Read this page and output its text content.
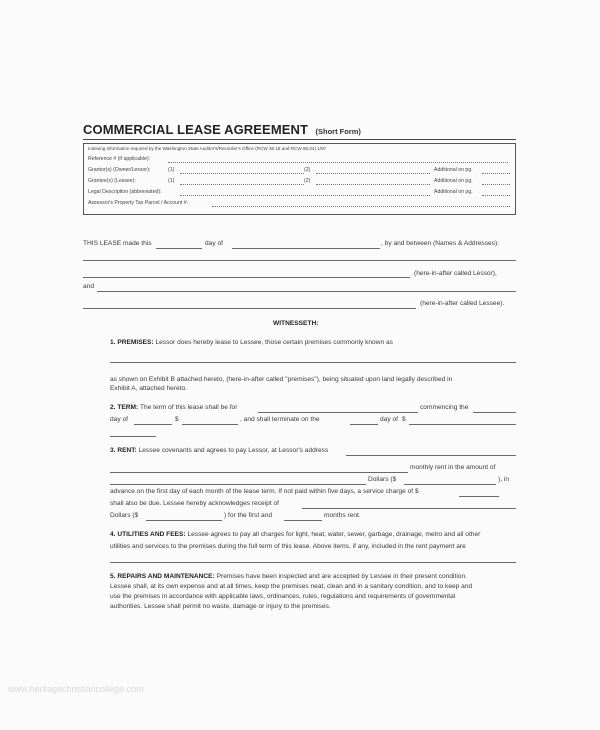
COMMERCIAL LEASE AGREEMENT (Short Form)
Indexing information required by the Washington State Auditor's/Recorder's Office (RCW 36.18 and RCW 65.04) 1/97
Reference # (if applicable):
Grantor(s) (Owner/Lessor):	(1)	(2)	Additional on pg.
Grantee(s) (Lessee):	(1)	(2)	Additional on pg.
Legal Description (abbreviated):	Additional on pg.
Assessor's Property Tax Parcel / Account #:
THIS LEASE made this	day of	, by and between (Names & Addresses):
(here-in-after called Lessor),
and
(here-in-after called Lessee).
WITNESSETH:
1. PREMISES: Lessor does hereby lease to Lessee, those certain premises commonly known as
as shown on Exhibit B attached hereto, (here-in-after called "premises"), being situated upon land legally described in
Exhibit A, attached hereto.
2. TERM: The term of this lease shall be for	commencing the
day of	$	, and shall terminate on the	day of $
3. RENT: Lessee covenants and agrees to pay Lessor, at Lessor's address
monthly rent in the amount of
Dollars ($	), in
advance on the first day of each month of the lease term. If not paid within five days, a service charge of $
shall also be due. Lessee hereby acknowledges receipt of
Dollars ($	) for the first and	months rent.
4. UTILITIES AND FEES: Lessee agrees to pay all charges for light, heat, water, sewer, garbage, drainage, metro and all other
utilities and services to the premises during the full term of this lease. Above items, if any, included in the rent payment are
5. REPAIRS AND MAINTENANCE: Premises have been inspected and are accepted by Lessee in their present condition.
Lessee shall, at its own expense and at all times, keep the premises neat, clean and in a sanitary condition, and to keep and
use the premises in accordance with applicable laws, ordinances, rules, regulations and requirements of governmental
authorities. Lessee shall permit no waste, damage or injury to the premises.
www.heritagechristiancollege.com
